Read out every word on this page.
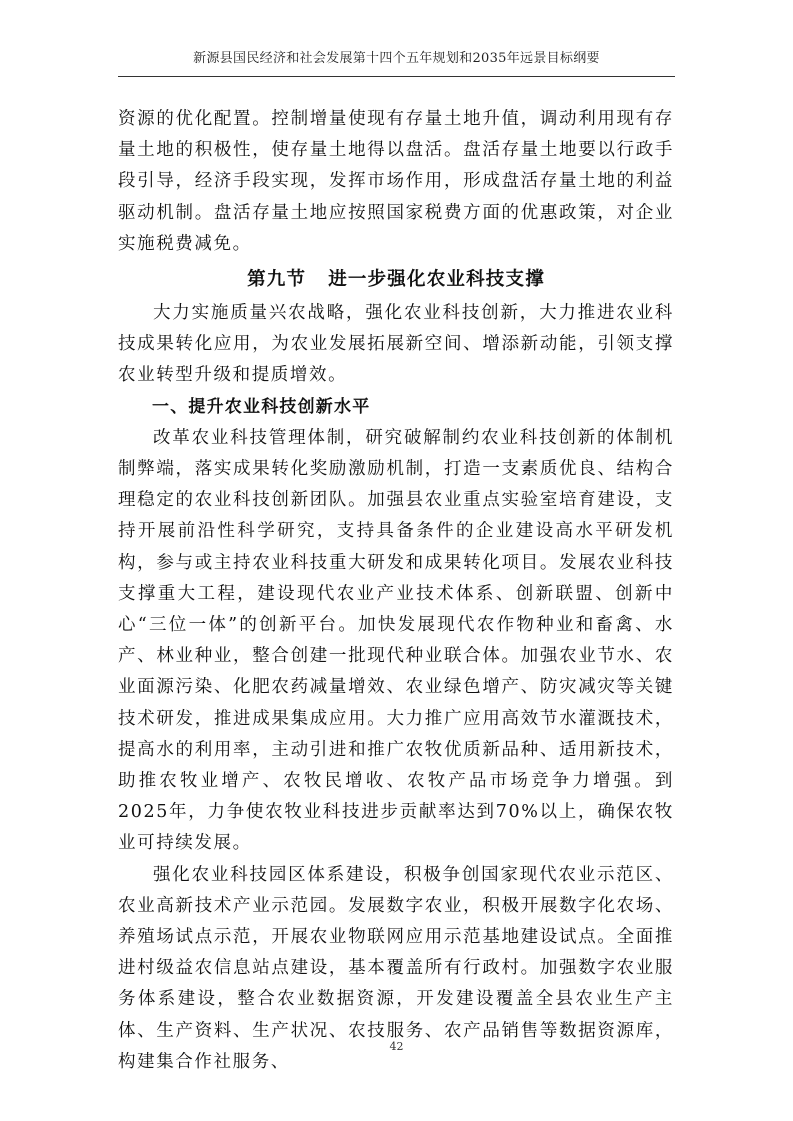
新源县国民经济和社会发展第十四个五年规划和2035年远景目标纲要

资源的优化配置。控制增量使现有存量土地升值，调动利用现有存量土地的积极性，使存量土地得以盘活。盘活存量土地要以行政手段引导，经济手段实现，发挥市场作用，形成盘活存量土地的利益驱动机制。盘活存量土地应按照国家税费方面的优惠政策，对企业实施税费减免。

第九节 进一步强化农业科技支撑

大力实施质量兴农战略，强化农业科技创新，大力推进农业科技成果转化应用，为农业发展拓展新空间、增添新动能，引领支撑农业转型升级和提质增效。

一、提升农业科技创新水平

改革农业科技管理体制，研究破解制约农业科技创新的体制机制弊端，落实成果转化奖励激励机制，打造一支素质优良、结构合理稳定的农业科技创新团队。加强县农业重点实验室培育建设，支持开展前沿性科学研究，支持具备条件的企业建设高水平研发机构，参与或主持农业科技重大研发和成果转化项目。发展农业科技支撑重大工程，建设现代农业产业技术体系、创新联盟、创新中心“三位一体”的创新平台。加快发展现代农作物种业和畜禽、水产、林业种业，整合创建一批现代种业联合体。加强农业节水、农业面源污染、化肥农药减量增效、农业绿色增产、防灾减灾等关键技术研发，推进成果集成应用。大力推广应用高效节水灌溉技术，提高水的利用率，主动引进和推广农牧优质新品种、适用新技术，助推农牧业增产、农牧民增收、农牧产品市场竞争力增强。到2025年，力争使农牧业科技进步贡献率达到70%以上，确保农牧业可持续发展。

强化农业科技园区体系建设，积极争创国家现代农业示范区、农业高新技术产业示范园。发展数字农业，积极开展数字化农场、养殖场试点示范，开展农业物联网应用示范基地建设试点。全面推进村级益农信息站点建设，基本覆盖所有行政村。加强数字农业服务体系建设，整合农业数据资源，开发建设覆盖全县农业生产主体、生产资料、生产状况、农技服务、农产品销售等数据资源库，构建集合作社服务、

42
